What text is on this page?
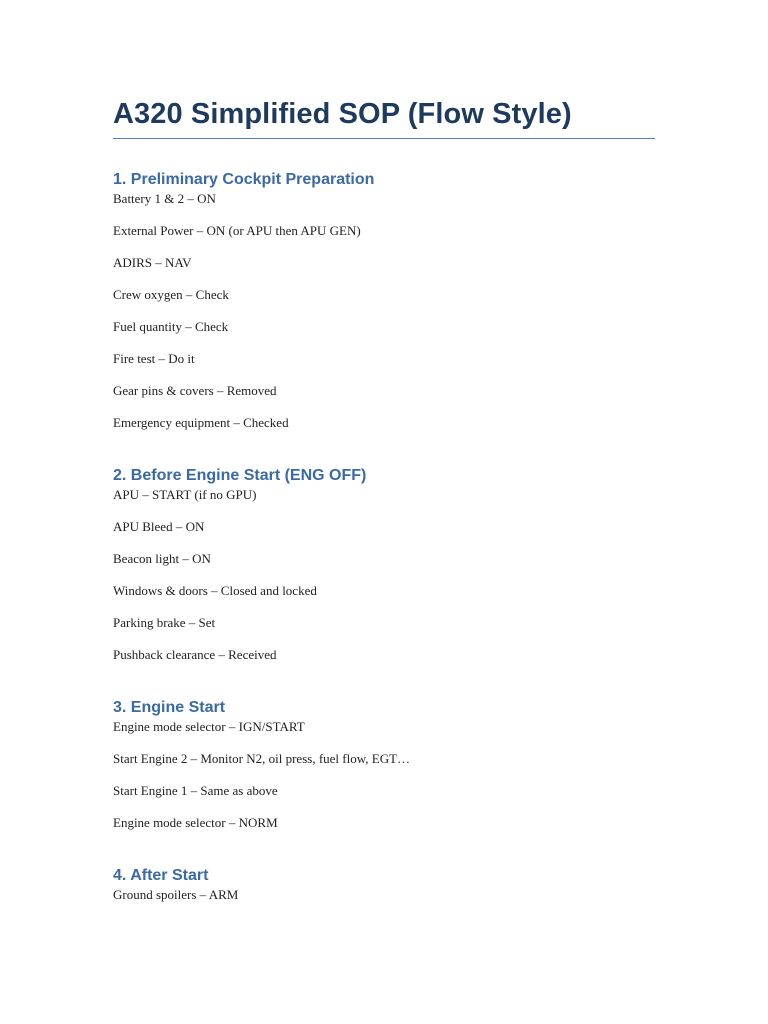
A320 Simplified SOP (Flow Style)
1. Preliminary Cockpit Preparation

Battery 1 & 2 – ON

External Power – ON (or APU then APU GEN)

ADIRS – NAV

Crew oxygen – Check

Fuel quantity – Check

Fire test – Do it

Gear pins & covers – Removed

Emergency equipment – Checked

2. Before Engine Start (ENG OFF)

APU – START (if no GPU)

APU Bleed – ON

Beacon light – ON

Windows & doors – Closed and locked

Parking brake – Set

Pushback clearance – Received

3. Engine Start

Engine mode selector – IGN/START

Start Engine 2 – Monitor N2, oil press, fuel flow, EGT…

Start Engine 1 – Same as above

Engine mode selector – NORM

4. After Start

Ground spoilers – ARM
